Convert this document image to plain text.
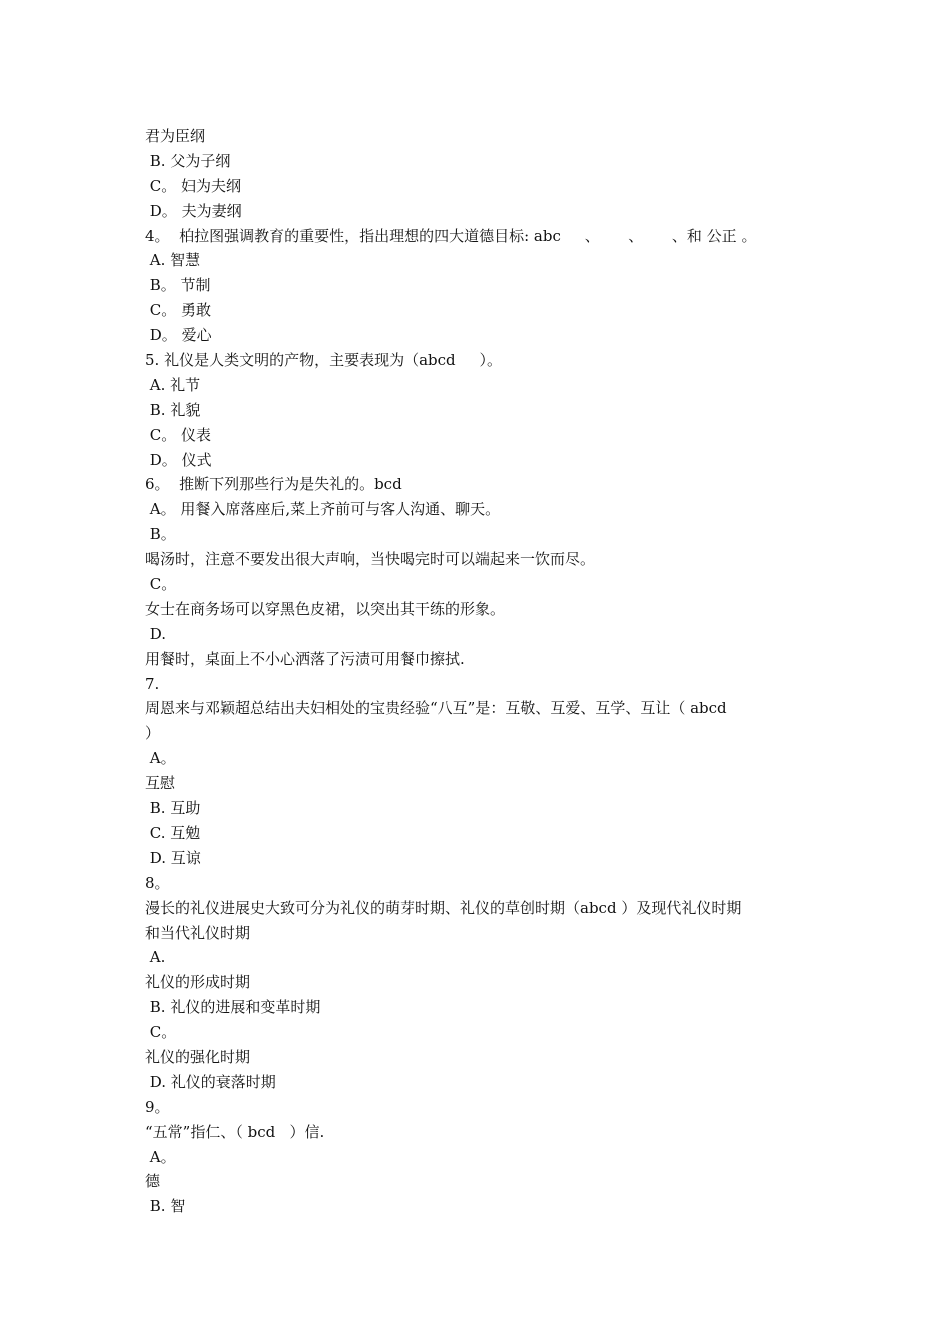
君为臣纲
B. 父为子纲
C。 妇为夫纲
D。 夫为妻纲
4。  柏拉图强调教育的重要性，指出理想的四大道德目标: abc     、      、      、和 公正 。
A. 智慧
B。 节制
C。 勇敢
D。 爱心
5. 礼仪是人类文明的产物，主要表现为（abcd     ）。
A. 礼节
B. 礼貌
C。 仪表
D。 仪式
6。  推断下列那些行为是失礼的。bcd
A。 用餐入席落座后,菜上齐前可与客人沟通、聊天。
B。
喝汤时，注意不要发出很大声响，当快喝完时可以端起来一饮而尽。
C。
女士在商务场可以穿黑色皮裙，以突出其干练的形象。
D.
用餐时，桌面上不小心洒落了污渍可用餐巾擦拭.
7.
周恩来与邓颖超总结出夫妇相处的宝贵经验“八互”是：互敬、互爱、互学、互让（ abcd
）
A。
互慰
B. 互助
C. 互勉
D. 互谅
8。
漫长的礼仪进展史大致可分为礼仪的萌芽时期、礼仪的草创时期（abcd ）及现代礼仪时期
和当代礼仪时期
A.
礼仪的形成时期
B. 礼仪的进展和变革时期
C。
礼仪的强化时期
D. 礼仪的衰落时期
9。
“五常”指仁、（ bcd   ）信.
A。
德
B. 智
